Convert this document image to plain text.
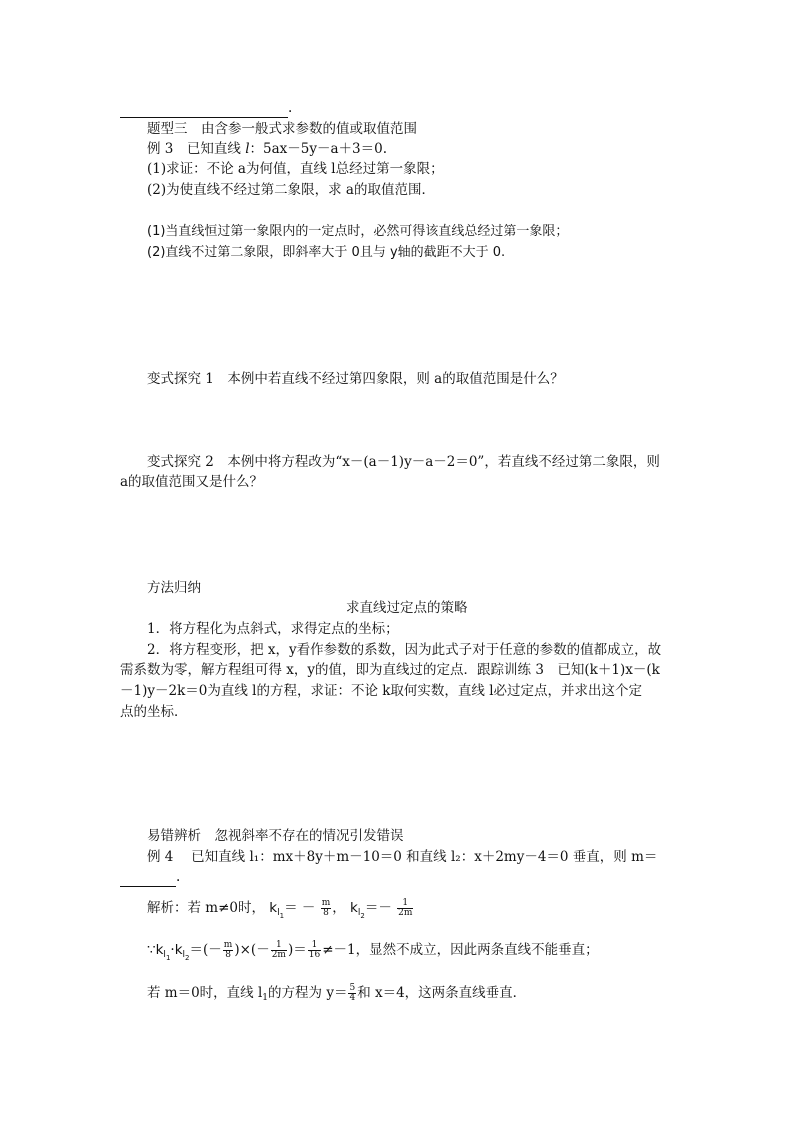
.
题型三　由含参一般式求参数的值或取值范围
例 3　已知直线 l：5ax－5y－a＋3＝0.
(1)求证：不论 a为何值，直线 l总经过第一象限；
(2)为使直线不经过第二象限，求 a的取值范围．
(1)当直线恒过第一象限内的一定点时，必然可得该直线总经过第一象限；
(2)直线不过第二象限，即斜率大于 0且与 y轴的截距不大于 0.
变式探究 1　本例中若直线不经过第四象限，则 a的取值范围是什么？
变式探究 2　本例中将方程改为“x－(a－1)y－a－2＝0”，若直线不经过第二象限，则
a的取值范围又是什么？
方法归纳
求直线过定点的策略
1．将方程化为点斜式，求得定点的坐标；
2．将方程变形，把 x，y看作参数的系数，因为此式子对于任意的参数的值都成立，故
需系数为零，解方程组可得 x，y的值，即为直线过的定点．跟踪训练 3　已知(k＋1)x－(k
－1)y－2k＝0为直线 l的方程，求证：不论 k取何实数，直线 l必过定点，并求出这个定
点的坐标．
易错辨析　忽视斜率不存在的情况引发错误
例 4　 已知直线 l₁：mx＋8y＋m－10＝0 和直线 l₂：x＋2my－4＝0 垂直，则 m＝
.
解析：若 m≠0时， $k_{l_1}= - \frac{m}{8}$ ， $k_{l_2}=- \frac{1}{2m}$
$\because k_{l_1}\cdot k_{l_2}=(- \frac{m}{8}$ )×(－ $\frac{1}{2m}$ )＝ $\frac{1}{16} \ne-1$，显然不成立，因此两条直线不能垂直；
若 m＝0时，直线 $l_1$的方程为 $y= \frac{5}{4}$ 和 x＝4，这两条直线垂直．
